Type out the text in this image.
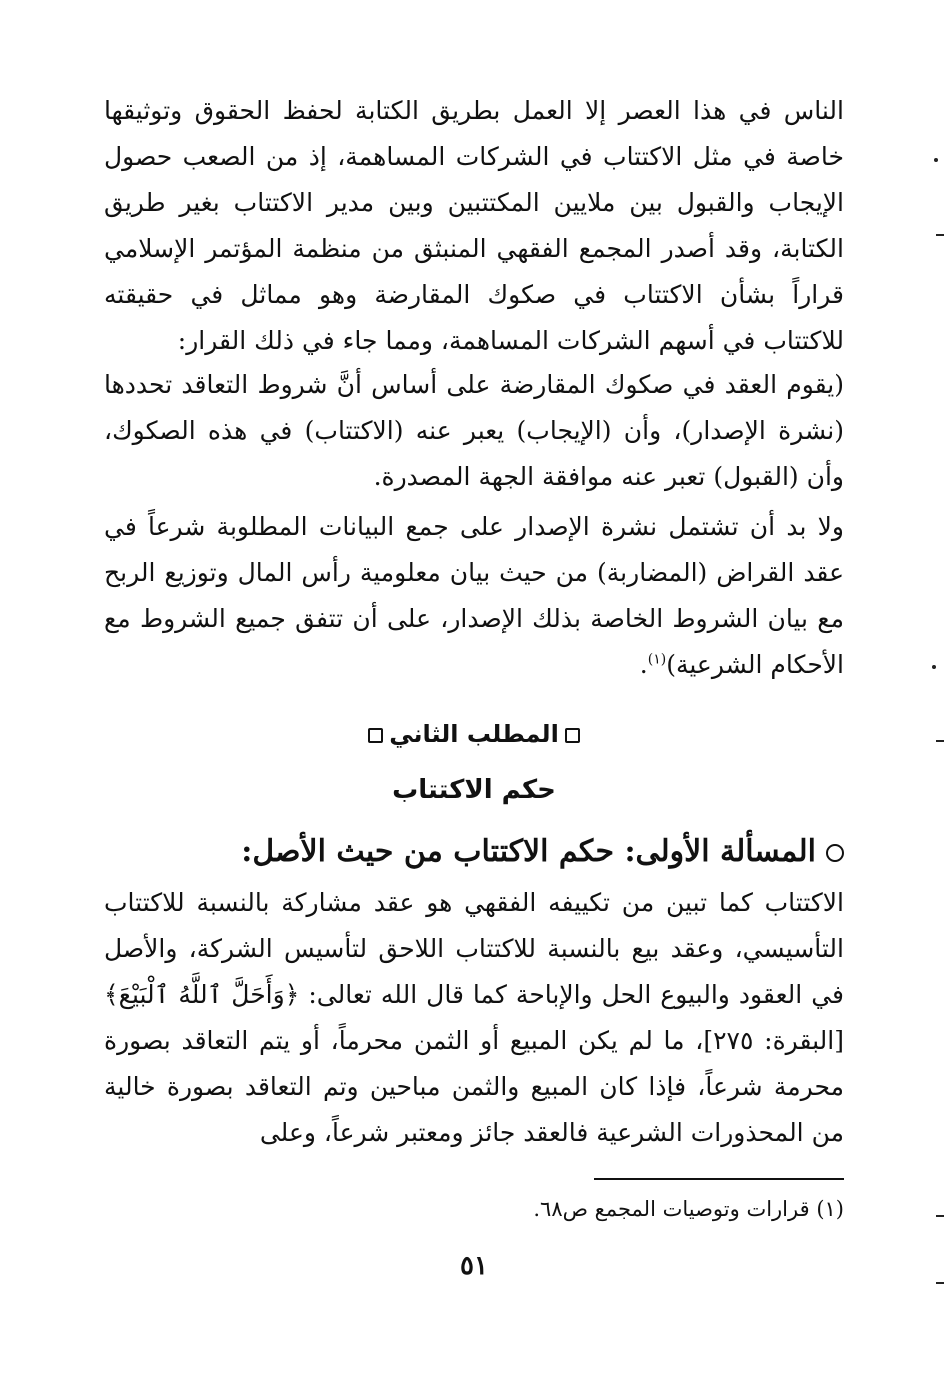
الناس في هذا العصر إلا العمل بطريق الكتابة لحفظ الحقوق وتوثيقها خاصة في مثل الاكتتاب في الشركات المساهمة، إذ من الصعب حصول الإيجاب والقبول بين ملايين المكتتبين وبين مدير الاكتتاب بغير طريق الكتابة، وقد أصدر المجمع الفقهي المنبثق من منظمة المؤتمر الإسلامي قراراً بشأن الاكتتاب في صكوك المقارضة وهو مماثل في حقيقته للاكتتاب في أسهم الشركات المساهمة، ومما جاء في ذلك القرار:

(يقوم العقد في صكوك المقارضة على أساس أنَّ شروط التعاقد تحددها (نشرة الإصدار)، وأن (الإيجاب) يعبر عنه (الاكتتاب) في هذه الصكوك، وأن (القبول) تعبر عنه موافقة الجهة المصدرة.

ولا بد أن تشتمل نشرة الإصدار على جمع البيانات المطلوبة شرعاً في عقد القراض (المضاربة) من حيث بيان معلومية رأس المال وتوزيع الربح مع بيان الشروط الخاصة بذلك الإصدار، على أن تتفق جميع الشروط مع الأحكام الشرعية)$^{(١)}$.

المطلب الثاني

حكم الاكتتاب

المسألة الأولى: حكم الاكتتاب من حيث الأصل:

الاكتتاب كما تبين من تكييفه الفقهي هو عقد مشاركة بالنسبة للاكتتاب التأسيسي، وعقد بيع بالنسبة للاكتتاب اللاحق لتأسيس الشركة، والأصل في العقود والبيوع الحل والإباحة كما قال الله تعالى: ﴿وَأَحَلَّ ٱللَّهُ ٱلْبَيْعَ﴾ [البقرة: ٢٧٥]، ما لم يكن المبيع أو الثمن محرماً، أو يتم التعاقد بصورة محرمة شرعاً، فإذا كان المبيع والثمن مباحين وتم التعاقد بصورة خالية من المحذورات الشرعية فالعقد جائز ومعتبر شرعاً، وعلى

(١) قرارات وتوصيات المجمع ص٦٨.

٥١
